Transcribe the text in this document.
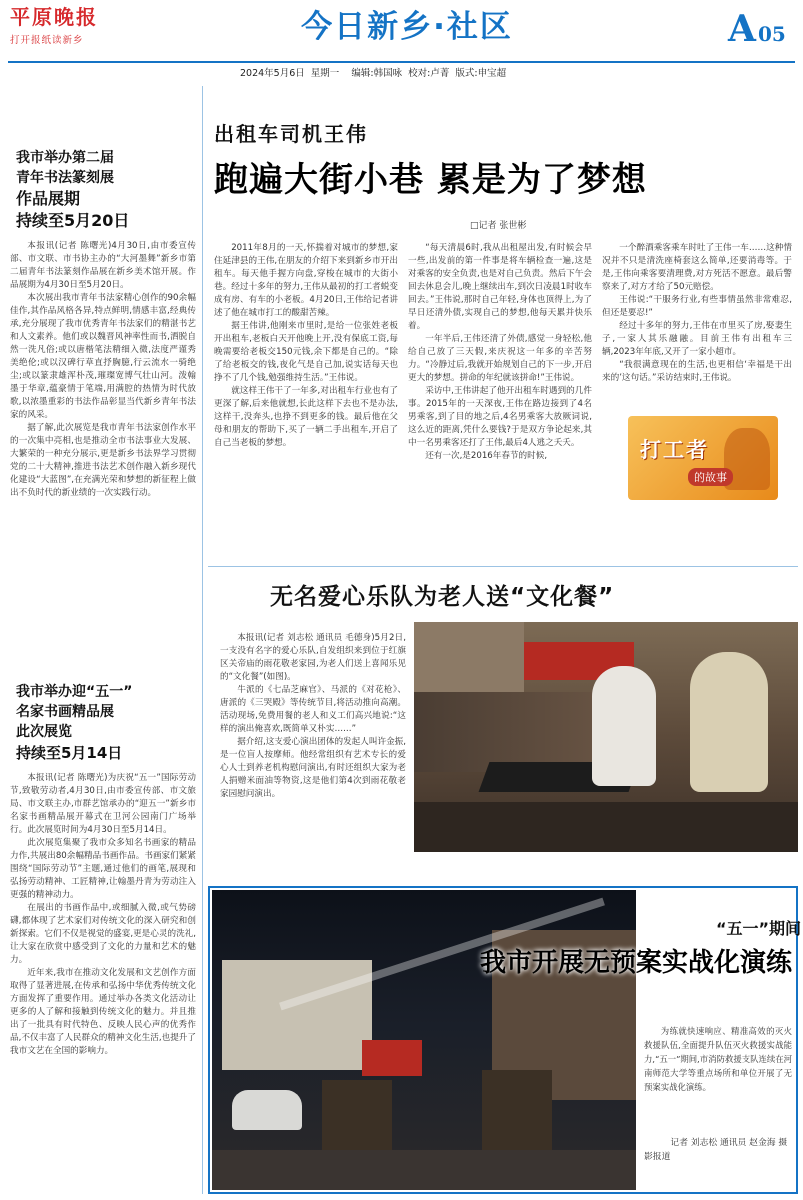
平原晚报
打开报纸读新乡	今日新乡·社区	A 05
2024年5月6日  星期一    编辑:韩国咏  校对:卢菁  版式:申宝超
我市举办第二届
青年书法篆刻展
作品展期
持续至5月20日

本报讯(记者 陈曙光)4月30日,由市委宣传部、市文联、市书协主办的“大河墨舞”新乡市第二届青年书法篆刻作品展在新乡美术馆开展。作品展期为4月30日至5月20日。

本次展出我市青年书法家精心创作的90余幅佳作,其作品风格各异,特点鲜明,情感丰富,经典传承,充分展现了我市优秀青年书法家们的精湛书艺和人文素养。他们或以魏晋风神率性而书,洒脱自然一洗凡俗;或以唐楷笔法精细入微,法度严谨秀美绝伦;或以汉碑行草直抒胸臆,行云流水一骑绝尘;或以篆隶雄浑朴茂,璀璨宽博气壮山河。泼翰墨于华章,蕴豪情于笔端,用满腔的热情为时代放歌,以浓墨重彩的书法作品彰显当代新乡青年书法家的风采。

据了解,此次展览是我市青年书法家创作水平的一次集中亮相,也是推动全市书法事业大发展、大繁荣的一种充分展示,更是新乡书法界学习贯彻党的二十大精神,推进书法艺术创作融入新乡现代化建设“大蓝图”,在充满光荣和梦想的新征程上做出不负时代的新业绩的一次实践行动。

我市举办迎“五一”
名家书画精品展
此次展览
持续至5月14日

本报讯(记者 陈曙光)为庆祝“五一”国际劳动节,致敬劳动者,4月30日,由市委宣传部、市文旅局、市文联主办,市群艺馆承办的“迎五一”新乡市名家书画精品展开幕式在卫河公园南门广场举行。此次展览时间为4月30日至5月14日。

此次展览集聚了我市众多知名书画家的精品力作,共展出80余幅精品书画作品。书画家们紧紧围绕“国际劳动节”主题,通过他们的画笔,展现和弘扬劳动精神、工匠精神,让翰墨丹青为劳动注入更强的精神动力。

在展出的书画作品中,或细腻入微,或气势磅礴,都体现了艺术家们对传统文化的深入研究和创新探索。它们不仅是视觉的盛宴,更是心灵的洗礼,让大家在欣赏中感受到了文化的力量和艺术的魅力。

近年来,我市在推动文化发展和文艺创作方面取得了显著进展,在传承和弘扬中华优秀传统文化方面发挥了重要作用。通过举办各类文化活动让更多的人了解和接触到传统文化的魅力。并且推出了一批具有时代特色、反映人民心声的优秀作品,不仅丰富了人民群众的精神文化生活,也提升了我市文艺在全国的影响力。

出租车司机王伟
跑遍大街小巷 累是为了梦想
□记者 张世彬

2011年8月的一天,怀揣着对城市的梦想,家住延津县的王伟,在朋友的介绍下来到新乡市开出租车。每天他手握方向盘,穿梭在城市的大街小巷。经过十多年的努力,王伟从最初的打工者蜕变成有房、有车的小老板。4月20日,王伟给记者讲述了他在城市打工的酸甜苦辣。

据王伟讲,他刚来市里时,是给一位张姓老板开出租车,老板白天开他晚上开,没有保底工资,每晚需要给老板交150元钱,余下都是自己的。“除了给老板交的钱,夜化气是自己加,说实话每天也挣不了几个钱,勉强维持生活。”王伟说。

就这样王伟干了一年多,对出租车行业也有了更深了解,后来他就想,长此这样下去也不是办法,这样干,没奔头,也挣不到更多的钱。最后他在父母和朋友的帮助下,买了一辆二手出租车,开启了自己当老板的梦想。

“每天清晨6时,我从出租屋出发,有时候会早一些,出发前的第一件事是将车辆检查一遍,这是对乘客的安全负责,也是对自己负责。然后下午会回去休息会儿,晚上继续出车,到次日凌晨1时收车回去。”王伟说,那时自己年轻,身体也顶得上,为了早日还清外债,实现自己的梦想,他每天累并快乐着。

一年半后,王伟还清了外债,感觉一身轻松,他给自己放了三天假,来庆祝这一年多的辛苦努力。“冷静过后,我就开始规划自己的下一步,开启更大的梦想。拼命的年纪就该拼命!”王伟说。

采访中,王伟讲起了他开出租车时遇到的几件事。2015年的一天深夜,王伟在路边接到了4名男乘客,到了目的地之后,4名男乘客大放厥词说,这么近的距离,凭什么要钱?于是双方争论起来,其中一名男乘客还打了王伟,最后4人逃之夭夭。

还有一次,是2016年春节的时候,

一个醉酒乘客乘车时吐了王伟一车……这种情况并不只是清洗座椅套这么简单,还要消毒等。于是,王伟向乘客要清理费,对方死活不愿意。最后警察来了,对方才给了50元赔偿。

王伟说:“干服务行业,有些事情虽然非常难忍,但还是要忍!”

经过十多年的努力,王伟在市里买了房,娶妻生子,一家人其乐融融。目前王伟有出租车三辆,2023年年底,又开了一家小超市。

“我很满意现在的生活,也更相信‘幸福是干出来的’这句话。”采访结束时,王伟说。

打工者
的故事
无名爱心乐队为老人送“文化餐”

本报讯(记者 刘志松 通讯员 毛德身)5月2日,一支没有名字的爱心乐队,自发组织来到位于红旗区关帝庙的雨花敬老家园,为老人们送上喜闻乐见的“文化餐”(如图)。

牛派的《七品芝麻官》、马派的《对花枪》、唐派的《三哭殿》等传统节目,将活动推向高潮。活动现场,免费用餐的老人和义工们高兴地说:“这样的演出俺喜欢,既简单又朴实……”

据介绍,这支爱心演出团体的发起人叫许金振,是一位盲人按摩师。他经常组织有艺术专长的爱心人士到养老机构慰问演出,有时还组织大家为老人捐赠米面油等物资,这是他们第4次到雨花敬老家园慰问演出。

“五一”期间
我市开展无预案实战化演练
为练就快速响应、精准高效的灭火救援队伍,全面提升队伍灭火救援实战能力,“五一”期间,市消防救援支队连续在河南师范大学等重点场所和单位开展了无预案实战化演练。
记者 刘志松 通讯员 赵金海 摄影报道
